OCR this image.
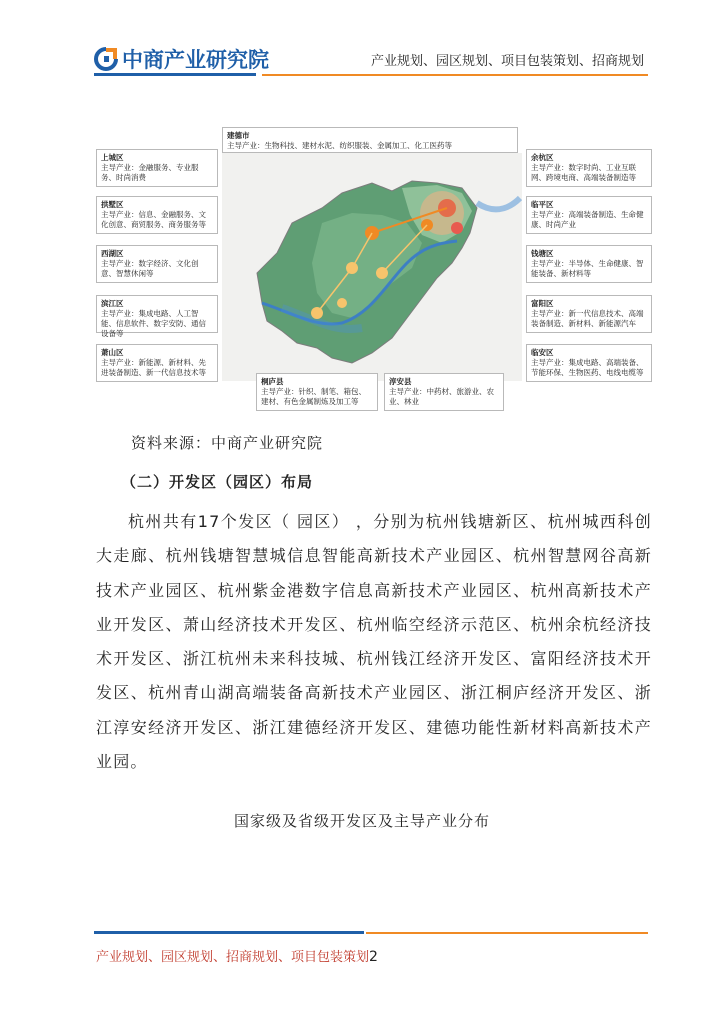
中商产业研究院	产业规划、园区规划、项目包装策划、招商规划
建德市
主导产业：生物科技、建材水泥、纺织服装、金属加工、化工医药等
上城区
主导产业：金融服务、专业服务、时尚消费
拱墅区
主导产业：信息、金融服务、文化创意、商贸服务、商务服务等
西湖区
主导产业：数字经济、文化创意、智慧休闲等
滨江区
主导产业：集成电路、人工智能、信息软件、数字安防、通信设备等
萧山区
主导产业：新能源、新材料、先进装备制造、新一代信息技术等
余杭区
主导产业：数字时尚、工业互联网、跨境电商、高端装备制造等
临平区
主导产业：高端装备制造、生命健康、时尚产业
钱塘区
主导产业：半导体、生命健康、智能装备、新材料等
富阳区
主导产业：新一代信息技术、高端装备制造、新材料、新能源汽车
临安区
主导产业：集成电路、高端装备、节能环保、生物医药、电线电缆等
桐庐县
主导产业：针织、制笔、箱包、建材、有色金属制炼及加工等
淳安县
主导产业：中药材、旅游业、农业、林业
资料来源：中商产业研究院
（二）开发区（园区）布局
杭州共有17个发区（ 园区） ，分别为杭州钱塘新区、杭州城西科创大走廊、杭州钱塘智慧城信息智能高新技术产业园区、杭州智慧网谷高新技术产业园区、杭州紫金港数字信息高新技术产业园区、杭州高新技术产业开发区、萧山经济技术开发区、杭州临空经济示范区、杭州余杭经济技术开发区、浙江杭州未来科技城、杭州钱江经济开发区、富阳经济技术开发区、杭州青山湖高端装备高新技术产业园区、浙江桐庐经济开发区、浙江淳安经济开发区、浙江建德经济开发区、建德功能性新材料高新技术产业园。
国家级及省级开发区及主导产业分布
产业规划、园区规划、招商规划、项目包装策划2
